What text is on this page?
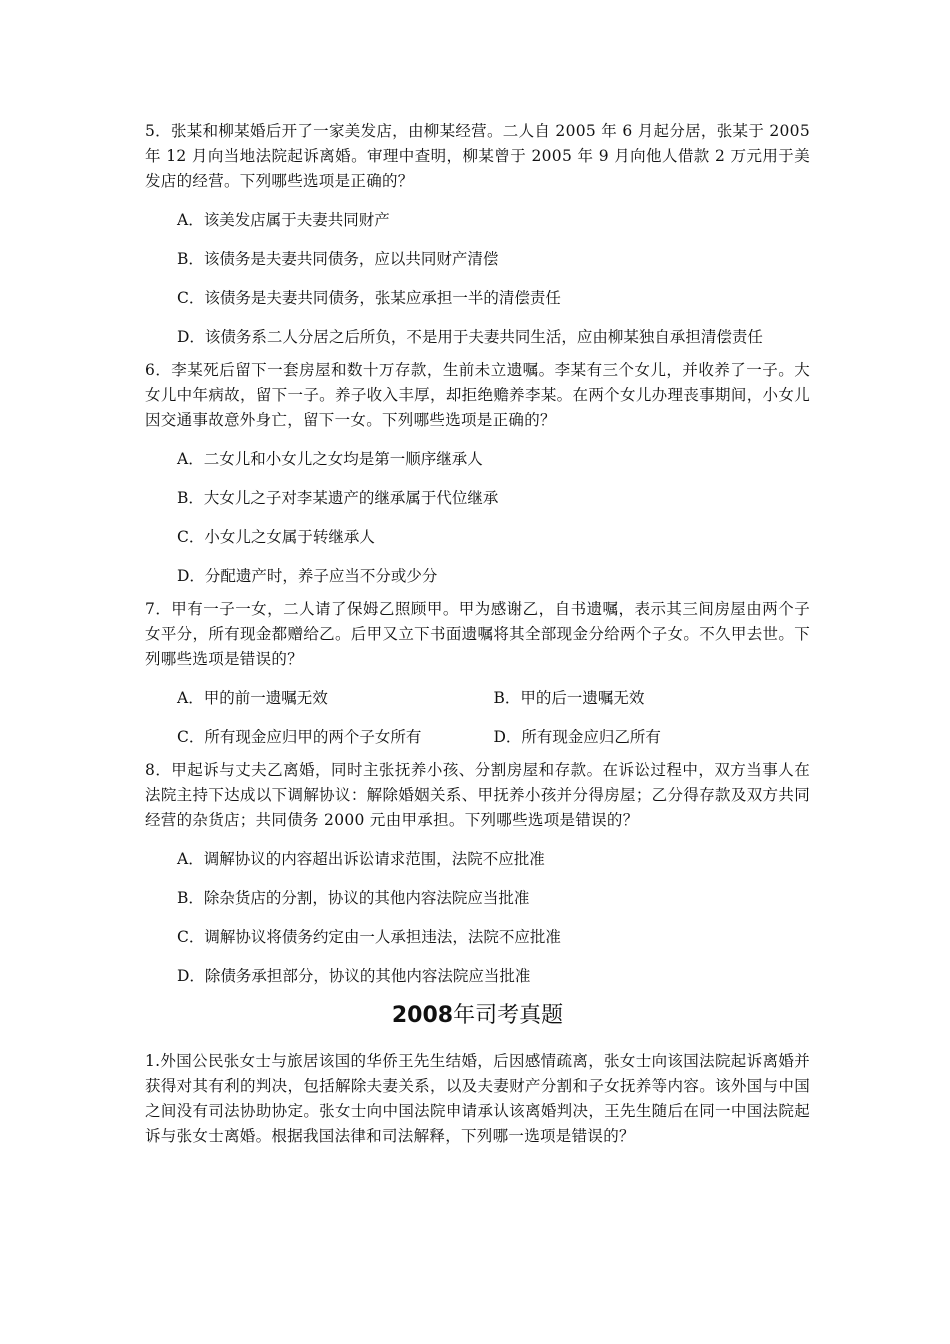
5．张某和柳某婚后开了一家美发店，由柳某经营。二人自 2005 年 6 月起分居，张某于 2005 年 12 月向当地法院起诉离婚。审理中查明，柳某曾于 2005 年 9 月向他人借款 2 万元用于美发店的经营。下列哪些选项是正确的？

A．该美发店属于夫妻共同财产

B．该债务是夫妻共同债务，应以共同财产清偿

C．该债务是夫妻共同债务，张某应承担一半的清偿责任

D．该债务系二人分居之后所负，不是用于夫妻共同生活，应由柳某独自承担清偿责任

6．李某死后留下一套房屋和数十万存款，生前未立遗嘱。李某有三个女儿，并收养了一子。大女儿中年病故，留下一子。养子收入丰厚，却拒绝赡养李某。在两个女儿办理丧事期间，小女儿因交通事故意外身亡，留下一女。下列哪些选项是正确的？

A．二女儿和小女儿之女均是第一顺序继承人

B．大女儿之子对李某遗产的继承属于代位继承

C．小女儿之女属于转继承人

D．分配遗产时，养子应当不分或少分

7．甲有一子一女，二人请了保姆乙照顾甲。甲为感谢乙，自书遗嘱，表示其三间房屋由两个子女平分，所有现金都赠给乙。后甲又立下书面遗嘱将其全部现金分给两个子女。不久甲去世。下列哪些选项是错误的？

A．甲的前一遗嘱无效	B．甲的后一遗嘱无效

C．所有现金应归甲的两个子女所有	D．所有现金应归乙所有

8．甲起诉与丈夫乙离婚，同时主张抚养小孩、分割房屋和存款。在诉讼过程中，双方当事人在法院主持下达成以下调解协议：解除婚姻关系、甲抚养小孩并分得房屋；乙分得存款及双方共同经营的杂货店；共同债务 2000 元由甲承担。下列哪些选项是错误的？

A．调解协议的内容超出诉讼请求范围，法院不应批准

B．除杂货店的分割，协议的其他内容法院应当批准

C．调解协议将债务约定由一人承担违法，法院不应批准

D．除债务承担部分，协议的其他内容法院应当批准

2008年司考真题

1.外国公民张女士与旅居该国的华侨王先生结婚，后因感情疏离，张女士向该国法院起诉离婚并获得对其有利的判决，包括解除夫妻关系，以及夫妻财产分割和子女抚养等内容。该外国与中国之间没有司法协助协定。张女士向中国法院申请承认该离婚判决，王先生随后在同一中国法院起诉与张女士离婚。根据我国法律和司法解释，下列哪一选项是错误的？
